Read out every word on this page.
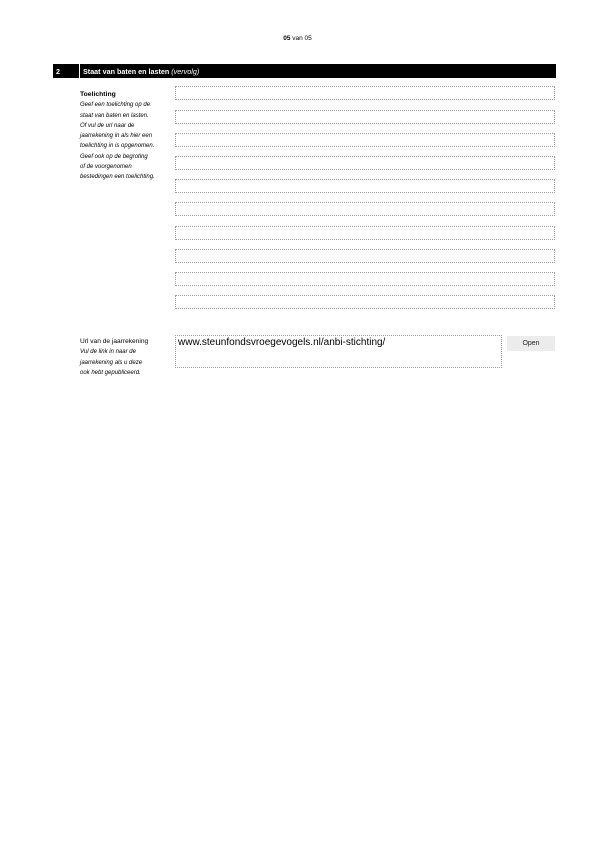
05 van 05
2	Staat van baten en lasten (vervolg)
Toelichting
Geef een toelichting op de
staat van baten en lasten.
Of vul de url naar de
jaarrekening in als hier een
toelichting in is opgenomen.
Geef ook op de begroting
of de voorgenomen
bestedingen een toelichting.
Url van de jaarrekening
Vul de link in naar de
jaarrekening als u deze
ook hebt gepubliceerd.
www.steunfondsvroegevogels.nl/anbi-stichting/	Open
